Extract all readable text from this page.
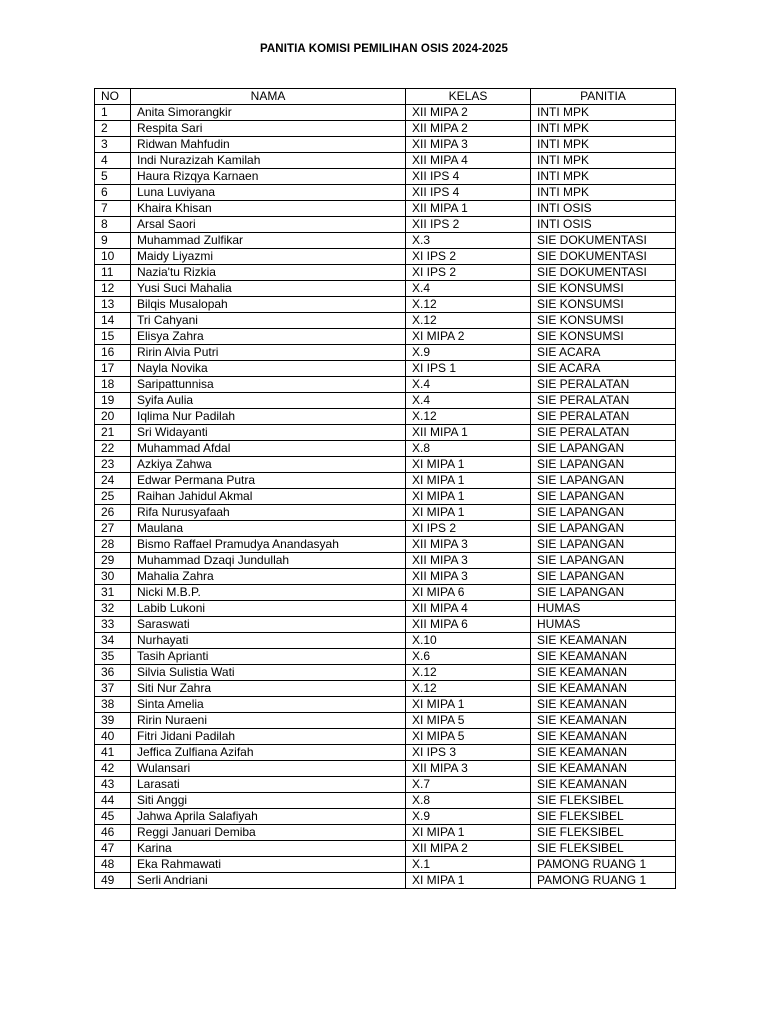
PANITIA KOMISI PEMILIHAN OSIS 2024-2025
NO	NAMA	KELAS	PANITIA
1	Anita Simorangkir	XII MIPA 2	INTI MPK
2	Respita Sari	XII MIPA 2	INTI MPK
3	Ridwan Mahfudin	XII MIPA 3	INTI MPK
4	Indi Nurazizah Kamilah	XII MIPA 4	INTI MPK
5	Haura Rizqya Karnaen	XII IPS 4	INTI MPK
6	Luna Luviyana	XII IPS 4	INTI MPK
7	Khaira Khisan	XII MIPA 1	INTI OSIS
8	Arsal Saori	XII IPS 2	INTI OSIS
9	Muhammad Zulfikar	X.3	SIE DOKUMENTASI
10	Maidy Liyazmi	XI IPS 2	SIE DOKUMENTASI
11	Nazia'tu Rizkia	XI IPS 2	SIE DOKUMENTASI
12	Yusi Suci Mahalia	X.4	SIE KONSUMSI
13	Bilqis Musalopah	X.12	SIE KONSUMSI
14	Tri Cahyani	X.12	SIE KONSUMSI
15	Elisya Zahra	XI MIPA 2	SIE KONSUMSI
16	Ririn Alvia Putri	X.9	SIE ACARA
17	Nayla Novika	XI IPS 1	SIE ACARA
18	Saripattunnisa	X.4	SIE PERALATAN
19	Syifa Aulia	X.4	SIE PERALATAN
20	Iqlima Nur Padilah	X.12	SIE PERALATAN
21	Sri Widayanti	XII MIPA 1	SIE PERALATAN
22	Muhammad Afdal	X.8	SIE LAPANGAN
23	Azkiya Zahwa	XI MIPA 1	SIE LAPANGAN
24	Edwar Permana Putra	XI MIPA 1	SIE LAPANGAN
25	Raihan Jahidul Akmal	XI MIPA 1	SIE LAPANGAN
26	Rifa Nurusyafaah	XI MIPA 1	SIE LAPANGAN
27	Maulana	XI IPS 2	SIE LAPANGAN
28	Bismo Raffael Pramudya Anandasyah	XII MIPA 3	SIE LAPANGAN
29	Muhammad Dzaqi Jundullah	XII MIPA 3	SIE LAPANGAN
30	Mahalia Zahra	XII MIPA 3	SIE LAPANGAN
31	Nicki M.B.P.	XI MIPA 6	SIE LAPANGAN
32	Labib Lukoni	XII MIPA 4	HUMAS
33	Saraswati	XII MIPA 6	HUMAS
34	Nurhayati	X.10	SIE KEAMANAN
35	Tasih Aprianti	X.6	SIE KEAMANAN
36	Silvia Sulistia Wati	X.12	SIE KEAMANAN
37	Siti Nur Zahra	X.12	SIE KEAMANAN
38	Sinta Amelia	XI MIPA 1	SIE KEAMANAN
39	Ririn Nuraeni	XI MIPA 5	SIE KEAMANAN
40	Fitri Jidani Padilah	XI MIPA 5	SIE KEAMANAN
41	Jeffica Zulfiana Azifah	XI IPS 3	SIE KEAMANAN
42	Wulansari	XII MIPA 3	SIE KEAMANAN
43	Larasati	X.7	SIE KEAMANAN
44	Siti Anggi	X.8	SIE FLEKSIBEL
45	Jahwa Aprila Salafiyah	X.9	SIE FLEKSIBEL
46	Reggi Januari Demiba	XI MIPA 1	SIE FLEKSIBEL
47	Karina	XII MIPA 2	SIE FLEKSIBEL
48	Eka Rahmawati	X.1	PAMONG RUANG 1
49	Serli Andriani	XI MIPA 1	PAMONG RUANG 1
